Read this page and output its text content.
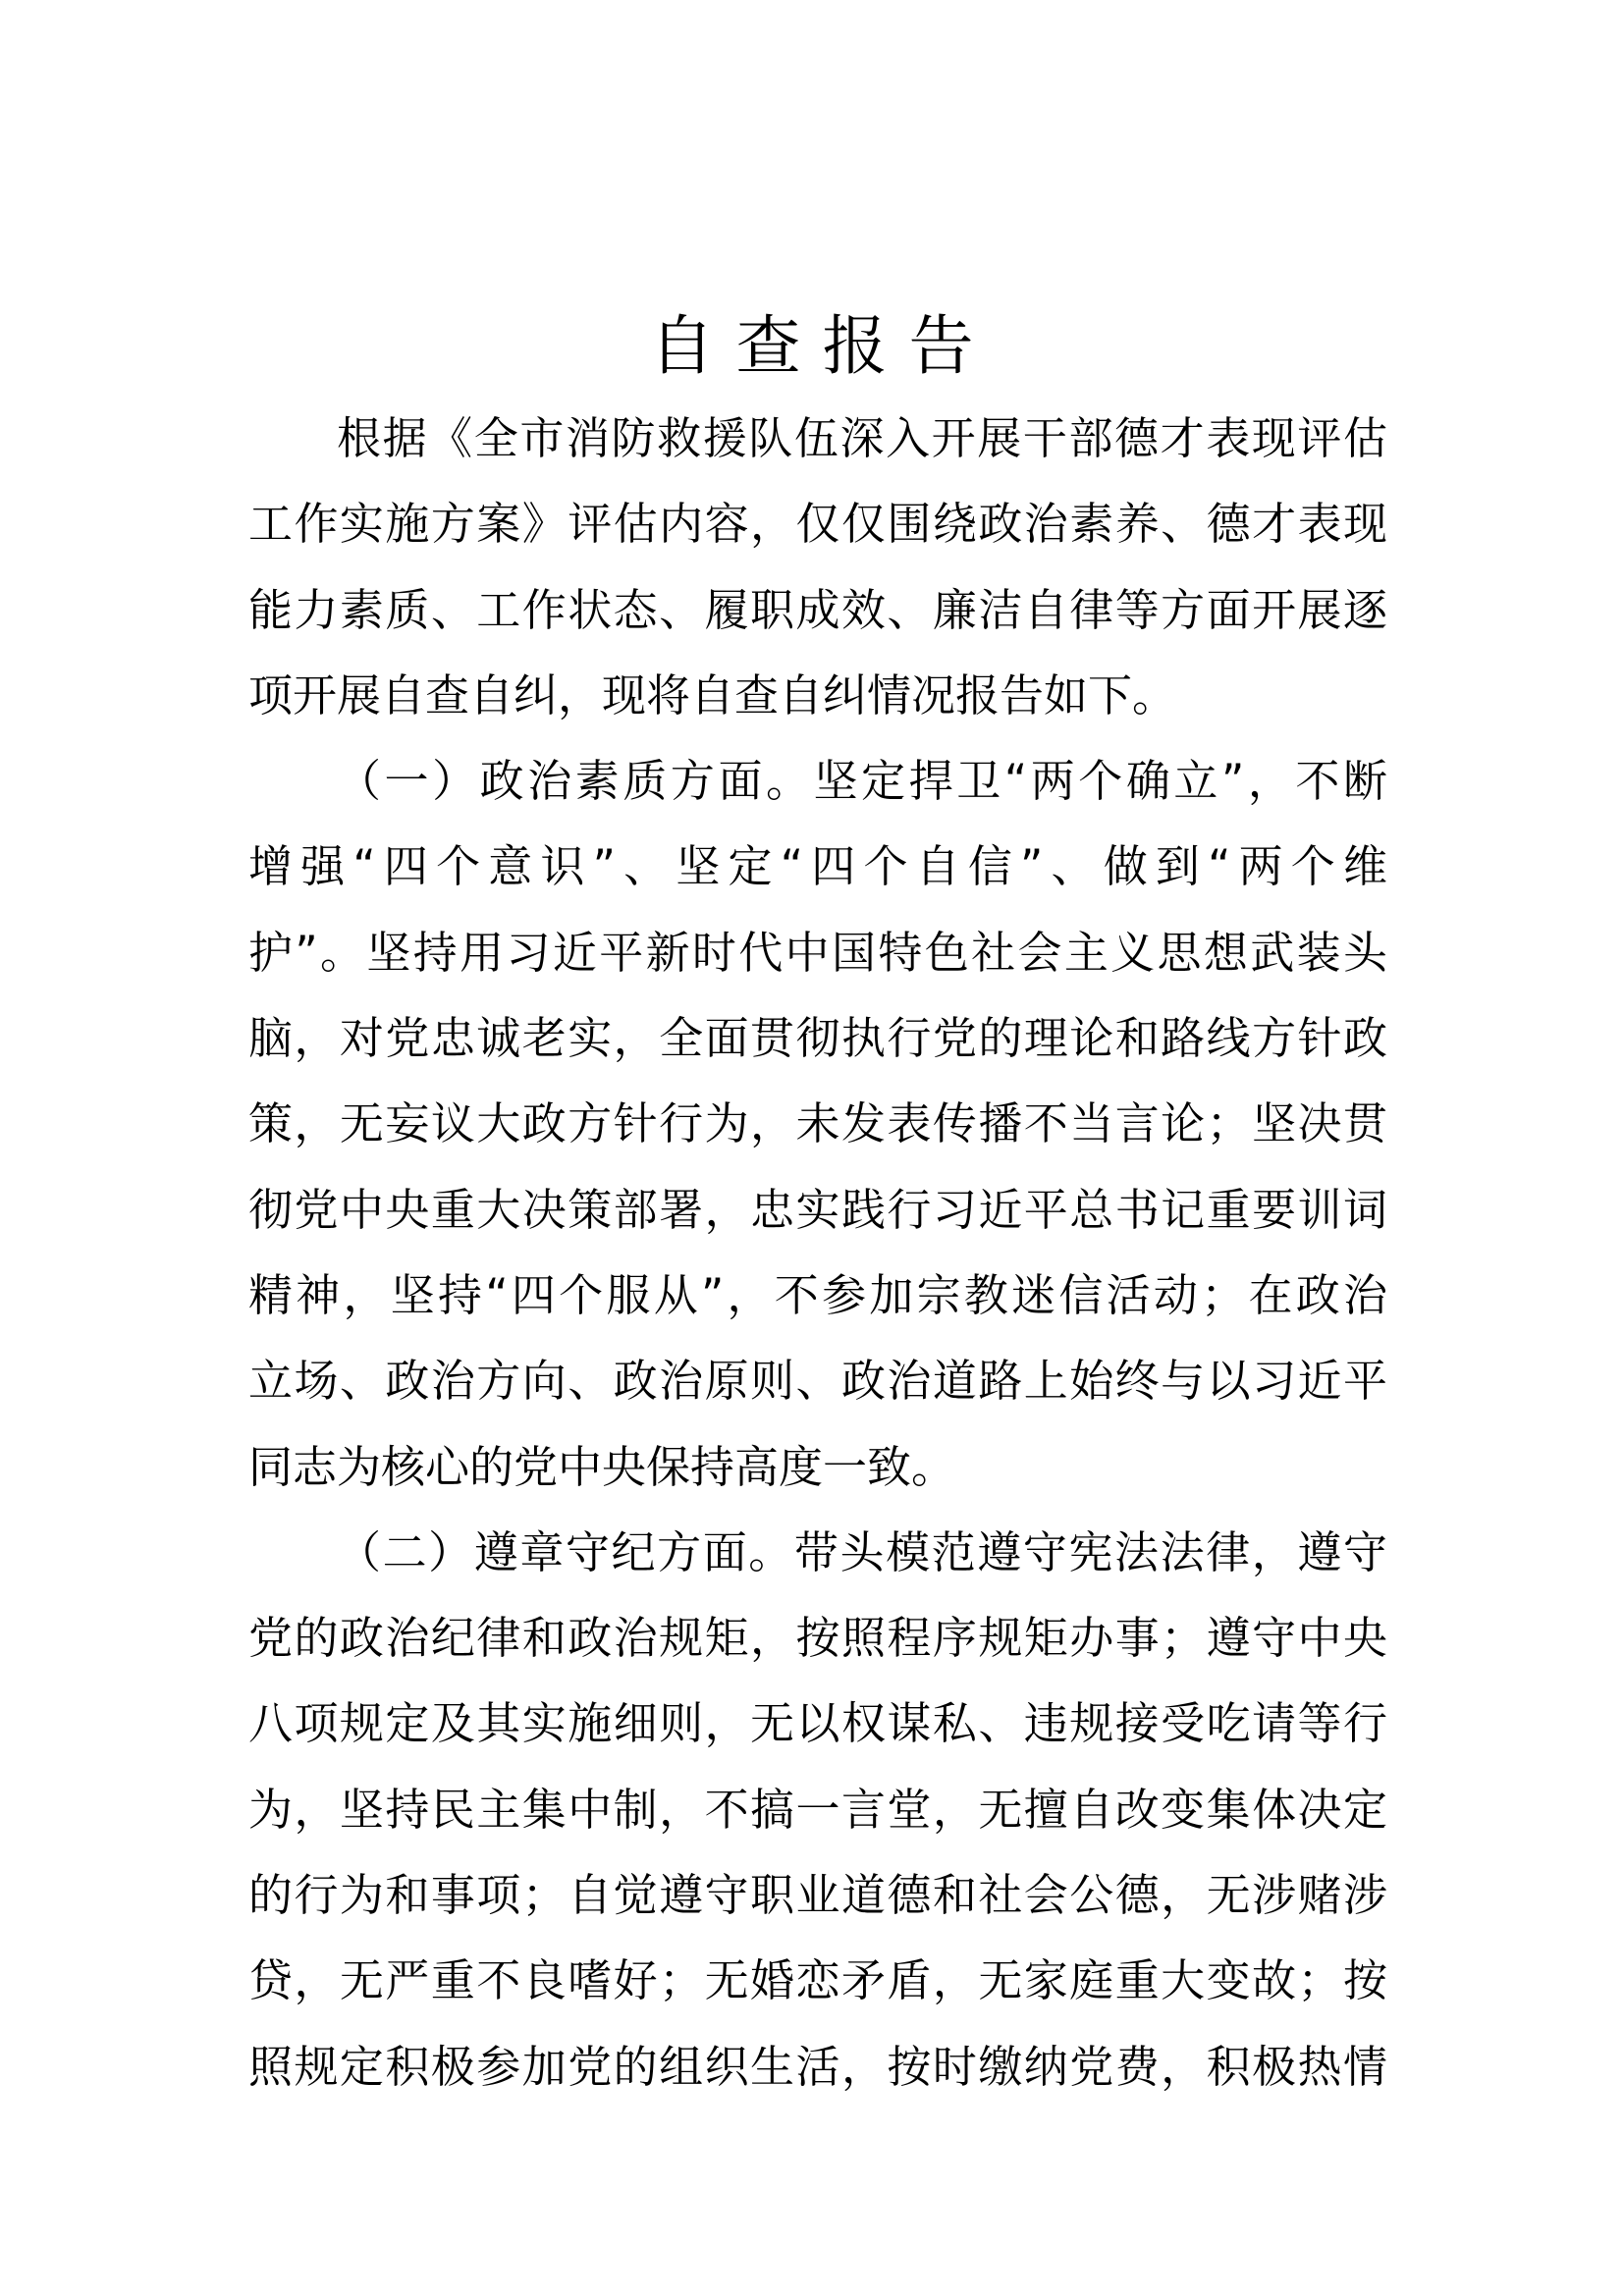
自查报告
根据《全市消防救援队伍深入开展干部德才表现评估
工作实施方案》评估内容，仅仅围绕政治素养、德才表现
能力素质、工作状态、履职成效、廉洁自律等方面开展逐
项开展自查自纠，现将自查自纠情况报告如下。
（一）政治素质方面。坚定捍卫“两个确立”，不断
增强“四个意识”、坚定“四个自信”、做到“两个维
护”。坚持用习近平新时代中国特色社会主义思想武装头
脑，对党忠诚老实，全面贯彻执行党的理论和路线方针政
策，无妄议大政方针行为，未发表传播不当言论；坚决贯
彻党中央重大决策部署，忠实践行习近平总书记重要训词
精神，坚持“四个服从”，不参加宗教迷信活动；在政治
立场、政治方向、政治原则、政治道路上始终与以习近平
同志为核心的党中央保持高度一致。
（二）遵章守纪方面。带头模范遵守宪法法律，遵守
党的政治纪律和政治规矩，按照程序规矩办事；遵守中央
八项规定及其实施细则，无以权谋私、违规接受吃请等行
为，坚持民主集中制，不搞一言堂，无擅自改变集体决定
的行为和事项；自觉遵守职业道德和社会公德，无涉赌涉
贷，无严重不良嗜好；无婚恋矛盾，无家庭重大变故；按
照规定积极参加党的组织生活，按时缴纳党费，积极热情
